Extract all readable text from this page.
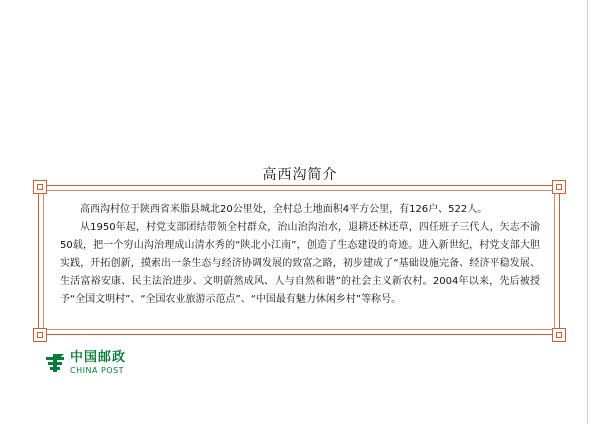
高西沟简介

高西沟村位于陕西省米脂县城北20公里处，全村总土地面积4平方公里，有126户、522人。

从1950年起，村党支部团结带领全村群众，治山治沟治水，退耕还林还草，四任班子三代人，矢志不渝50载，把一个穷山沟治理成山清水秀的“陕北小江南”，创造了生态建设的奇迹。进入新世纪，村党支部大胆实践，开拓创新，摸索出一条生态与经济协调发展的致富之路，初步建成了“基础设施完备、经济平稳发展、生活富裕安康、民主法治进步、文明蔚然成风、人与自然和谐”的社会主义新农村。2004年以来，先后被授予“全国文明村”、“全国农业旅游示范点”、“中国最有魅力休闲乡村”等称号。

中国邮政
CHINA POST
